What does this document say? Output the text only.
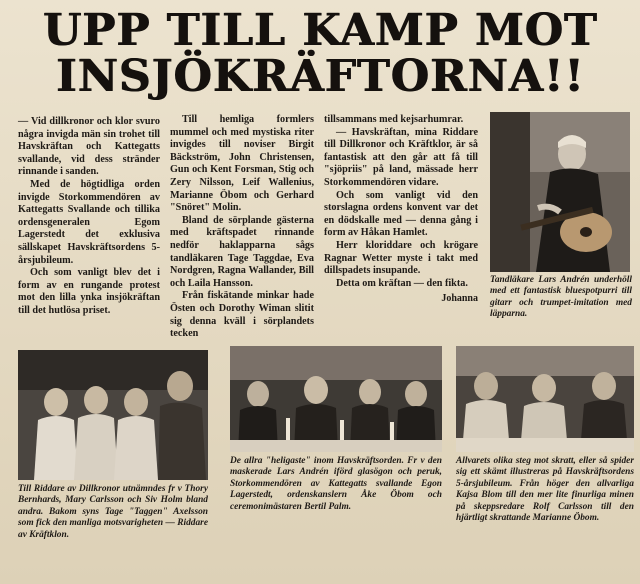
UPP TILL KAMP MOT
INSJÖKRÄFTORNA!!

— Vid dillkronor och klor svuro några invigda män sin trohet till Havskräftan och Kattegatts svallande, vid dess stränder rinnande i sanden.

Med de högtidliga orden invigde Storkommendören av Kattegatts Svallande och tillika ordensgeneralen Egom Lagerstedt det exklusiva sällskapet Havskräftsordens 5-årsjubileum.

Och som vanligt blev det i form av en rungande protest mot den lilla ynka insjökräftan till det hutlösa priset.

Till hemliga formlers mummel och med mystiska riter invigdes till noviser Birgit Bäckström, John Christensen, Gun och Kent Forsman, Stig och Zery Nilsson, Leif Wallenius, Marianne Öbom och Gerhard "Snöret" Molin.

Bland de sörplande gästerna med kräftspadet rinnande nedför haklapparna sågs tandläkaren Tage Taggdae, Eva Nordgren, Ragna Wallander, Bill och Laila Hansson.

Från fiskätande minkar hade Östen och Dorothy Wiman slitit sig denna kväll i sörplandets tecken

tillsammans med kejsarhumrar.

— Havskräftan, mina Riddare till Dillkronor och Kräftklor, är så fantastisk att den går att få till "sjöpriis" på land, mässade herr Storkommendören vidare.

Och som vanligt vid den storslagna ordens konvent var det en dödskalle med — denna gång i form av Håkan Hamlet.

Herr kloriddare och krögare Ragnar Wetter myste i takt med dillspadets insupande.

Detta om kräftan — den fikta.

Johanna
Tandläkare Lars Andrén underhöll med ett fantastisk bluespotpurri till gitarr och trumpet-imitation med läpparna.
Till Riddare av Dillkronor utnämndes fr v Thory Bernhards, Mary Carlsson och Siv Holm bland andra. Bakom syns Tage "Taggen" Axelsson som fick den manliga motsvarigheten — Riddare av Kräftklon.
De allra "heligaste" inom Havskräftsorden. Fr v den maskerade Lars Andrén iförd glasögon och peruk, Storkommendören av Kattegatts svallande Egon Lagerstedt, ordenskanslern Åke Öbom och ceremonimästaren Bertil Palm.
Allvarets olika steg mot skratt, eller så spider sig ett skämt illustreras på Havskräftsordens 5-årsjubileum. Från höger den allvarliga Kajsa Blom till den mer lite finurliga minen på skeppsredare Rolf Carlsson till den hjärtligt skrattande Marianne Öbom.
